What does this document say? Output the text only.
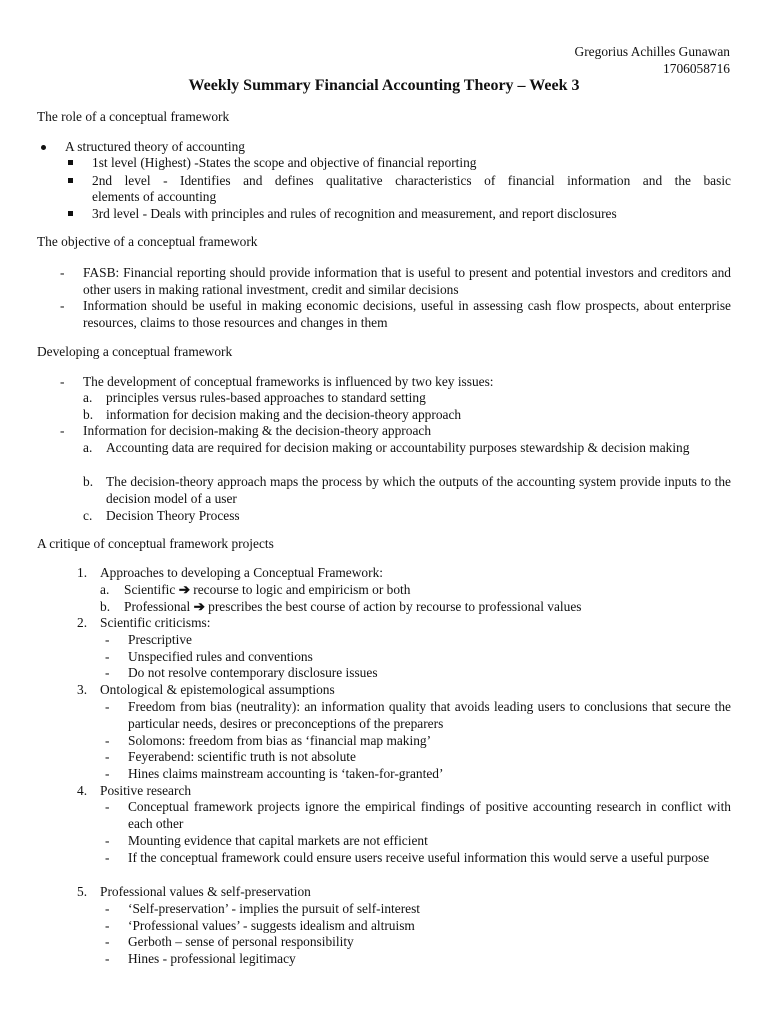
Gregorius Achilles Gunawan
1706058716
Weekly Summary Financial Accounting Theory – Week 3
The role of a conceptual framework
A structured theory of accounting
1st level (Highest) -States the scope and objective of financial reporting
2nd level - Identifies and defines qualitative characteristics of financial information and the basic
elements of accounting
3rd level - Deals with principles and rules of recognition and measurement, and report disclosures
The objective of a conceptual framework
- FASB: Financial reporting should provide information that is useful to present and potential investors and creditors and other users in making rational investment, credit and similar decisions
- Information should be useful in making economic decisions, useful in assessing cash flow prospects, about enterprise resources, claims to those resources and changes in them
Developing a conceptual framework
- The development of conceptual frameworks is influenced by two key issues:
a. principles versus rules-based approaches to standard setting
b. information for decision making and the decision-theory approach
- Information for decision-making & the decision-theory approach
a. Accounting data are required for decision making or accountability purposes stewardship & decision making
b. The decision-theory approach maps the process by which the outputs of the accounting system provide inputs to the decision model of a user
c. Decision Theory Process
A critique of conceptual framework projects
1. Approaches to developing a Conceptual Framework:
a. Scientific ➔ recourse to logic and empiricism or both
b. Professional ➔ prescribes the best course of action by recourse to professional values
2. Scientific criticisms:
- Prescriptive
- Unspecified rules and conventions
- Do not resolve contemporary disclosure issues
3. Ontological & epistemological assumptions
- Freedom from bias (neutrality): an information quality that avoids leading users to conclusions that secure the particular needs, desires or preconceptions of the preparers
- Solomons: freedom from bias as ‘financial map making’
- Feyerabend: scientific truth is not absolute
- Hines claims mainstream accounting is ‘taken-for-granted’
4. Positive research
- Conceptual framework projects ignore the empirical findings of positive accounting research in conflict with each other
- Mounting evidence that capital markets are not efficient
- If the conceptual framework could ensure users receive useful information this would serve a useful purpose
5. Professional values & self-preservation
- ‘Self-preservation’ - implies the pursuit of self-interest
- ‘Professional values’ - suggests idealism and altruism
- Gerboth – sense of personal responsibility
- Hines - professional legitimacy
